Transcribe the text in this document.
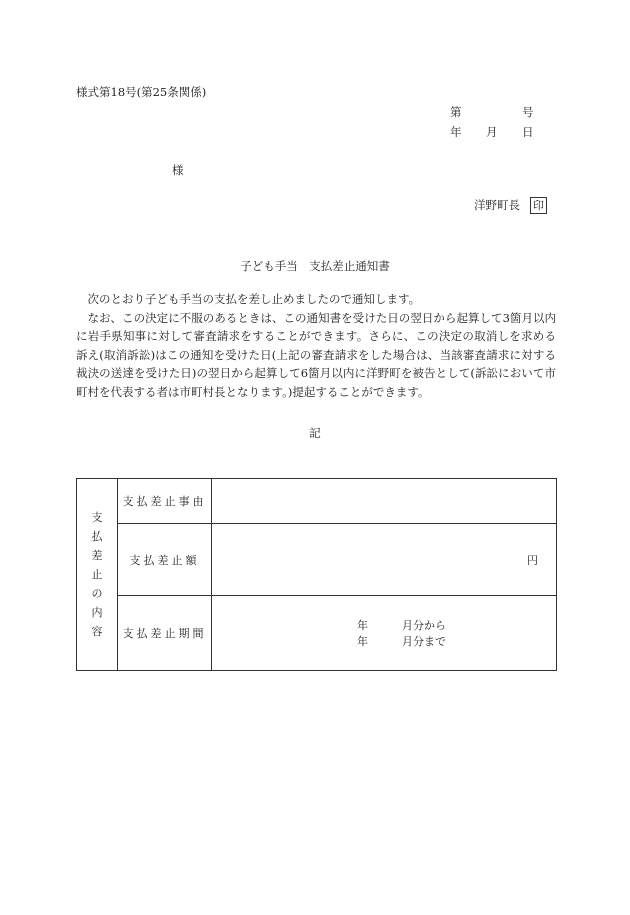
様式第18号(第25条関係)
第	号
年 月 日
様
洋野町長 印
子ども手当　支払差止通知書

次のとおり子ども手当の支払を差し止めましたので通知します。

なお、この決定に不服のあるときは、この通知書を受けた日の翌日から起算して3箇月以内に岩手県知事に対して審査請求をすることができます。さらに、この決定の取消しを求める訴え(取消訴訟)はこの通知を受けた日(上記の審査請求をした場合は、当該審査請求に対する裁決の送達を受けた日)の翌日から起算して6箇月以内に洋野町を被告として(訴訟において市町村を代表する者は市町村長となります。)提起することができます。

記
支払差止の内容	支払差止事由	
	支払差止額	円

	支払差止期間	年 月分から
年 月分まで
